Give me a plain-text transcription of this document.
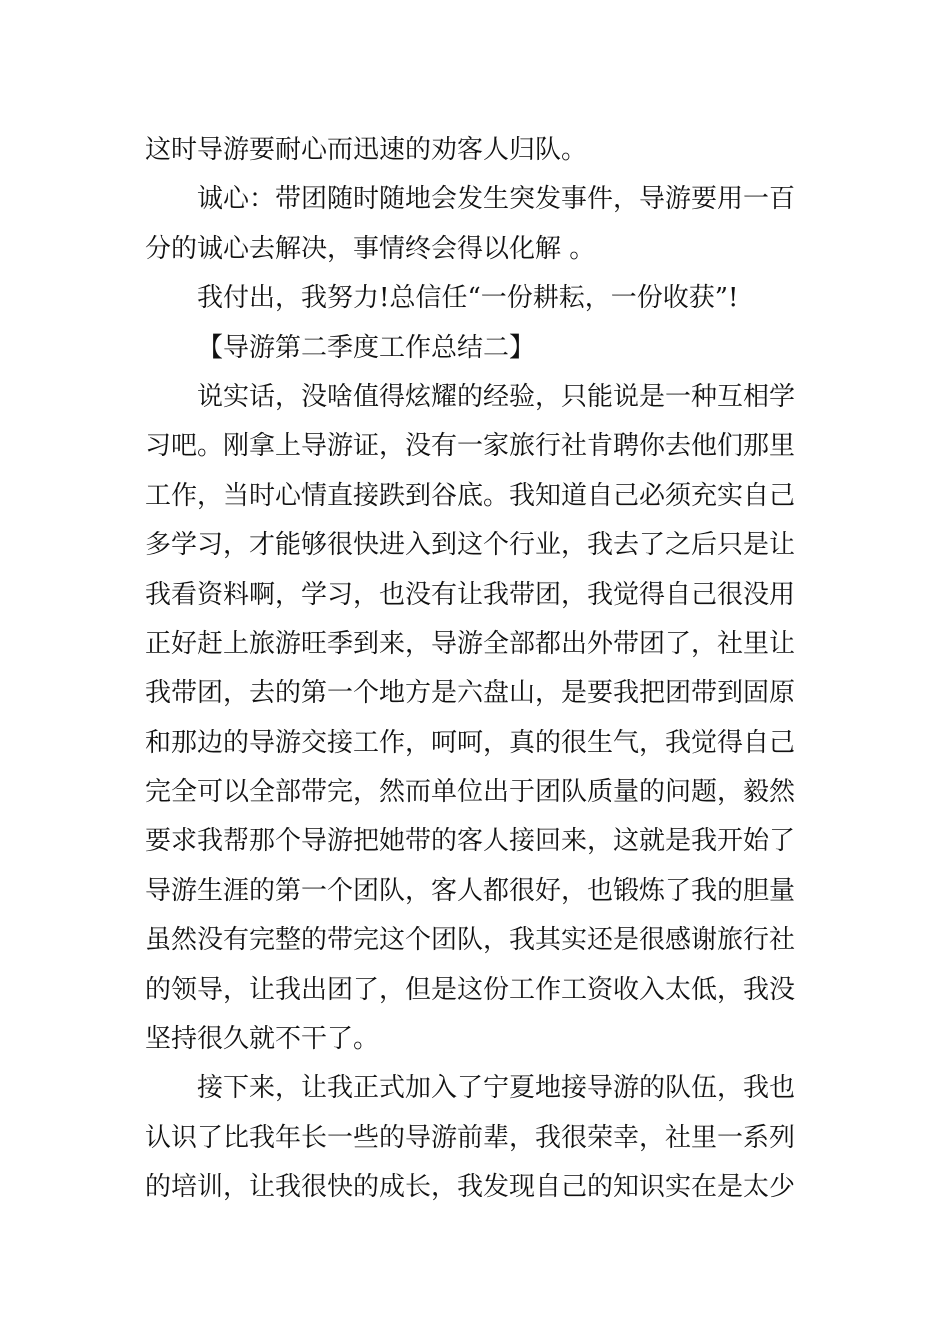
这时导游要耐心而迅速的劝客人归队。
诚心：带团随时随地会发生突发事件，导游要用一百
分的诚心去解决，事情终会得以化解 。
我付出，我努力!总信任“一份耕耘，一份收获”!
【导游第二季度工作总结二】
说实话，没啥值得炫耀的经验，只能说是一种互相学
习吧。刚拿上导游证，没有一家旅行社肯聘你去他们那里
工作，当时心情直接跌到谷底。我知道自己必须充实自己
多学习，才能够很快进入到这个行业，我去了之后只是让
我看资料啊，学习，也没有让我带团，我觉得自己很没用
正好赶上旅游旺季到来，导游全部都出外带团了，社里让
我带团，去的第一个地方是六盘山，是要我把团带到固原
和那边的导游交接工作，呵呵，真的很生气，我觉得自己
完全可以全部带完，然而单位出于团队质量的问题，毅然
要求我帮那个导游把她带的客人接回来，这就是我开始了
导游生涯的第一个团队，客人都很好，也锻炼了我的胆量
虽然没有完整的带完这个团队，我其实还是很感谢旅行社
的领导，让我出团了，但是这份工作工资收入太低，我没
坚持很久就不干了。
接下来，让我正式加入了宁夏地接导游的队伍，我也
认识了比我年长一些的导游前辈，我很荣幸，社里一系列
的培训，让我很快的成长，我发现自己的知识实在是太少
